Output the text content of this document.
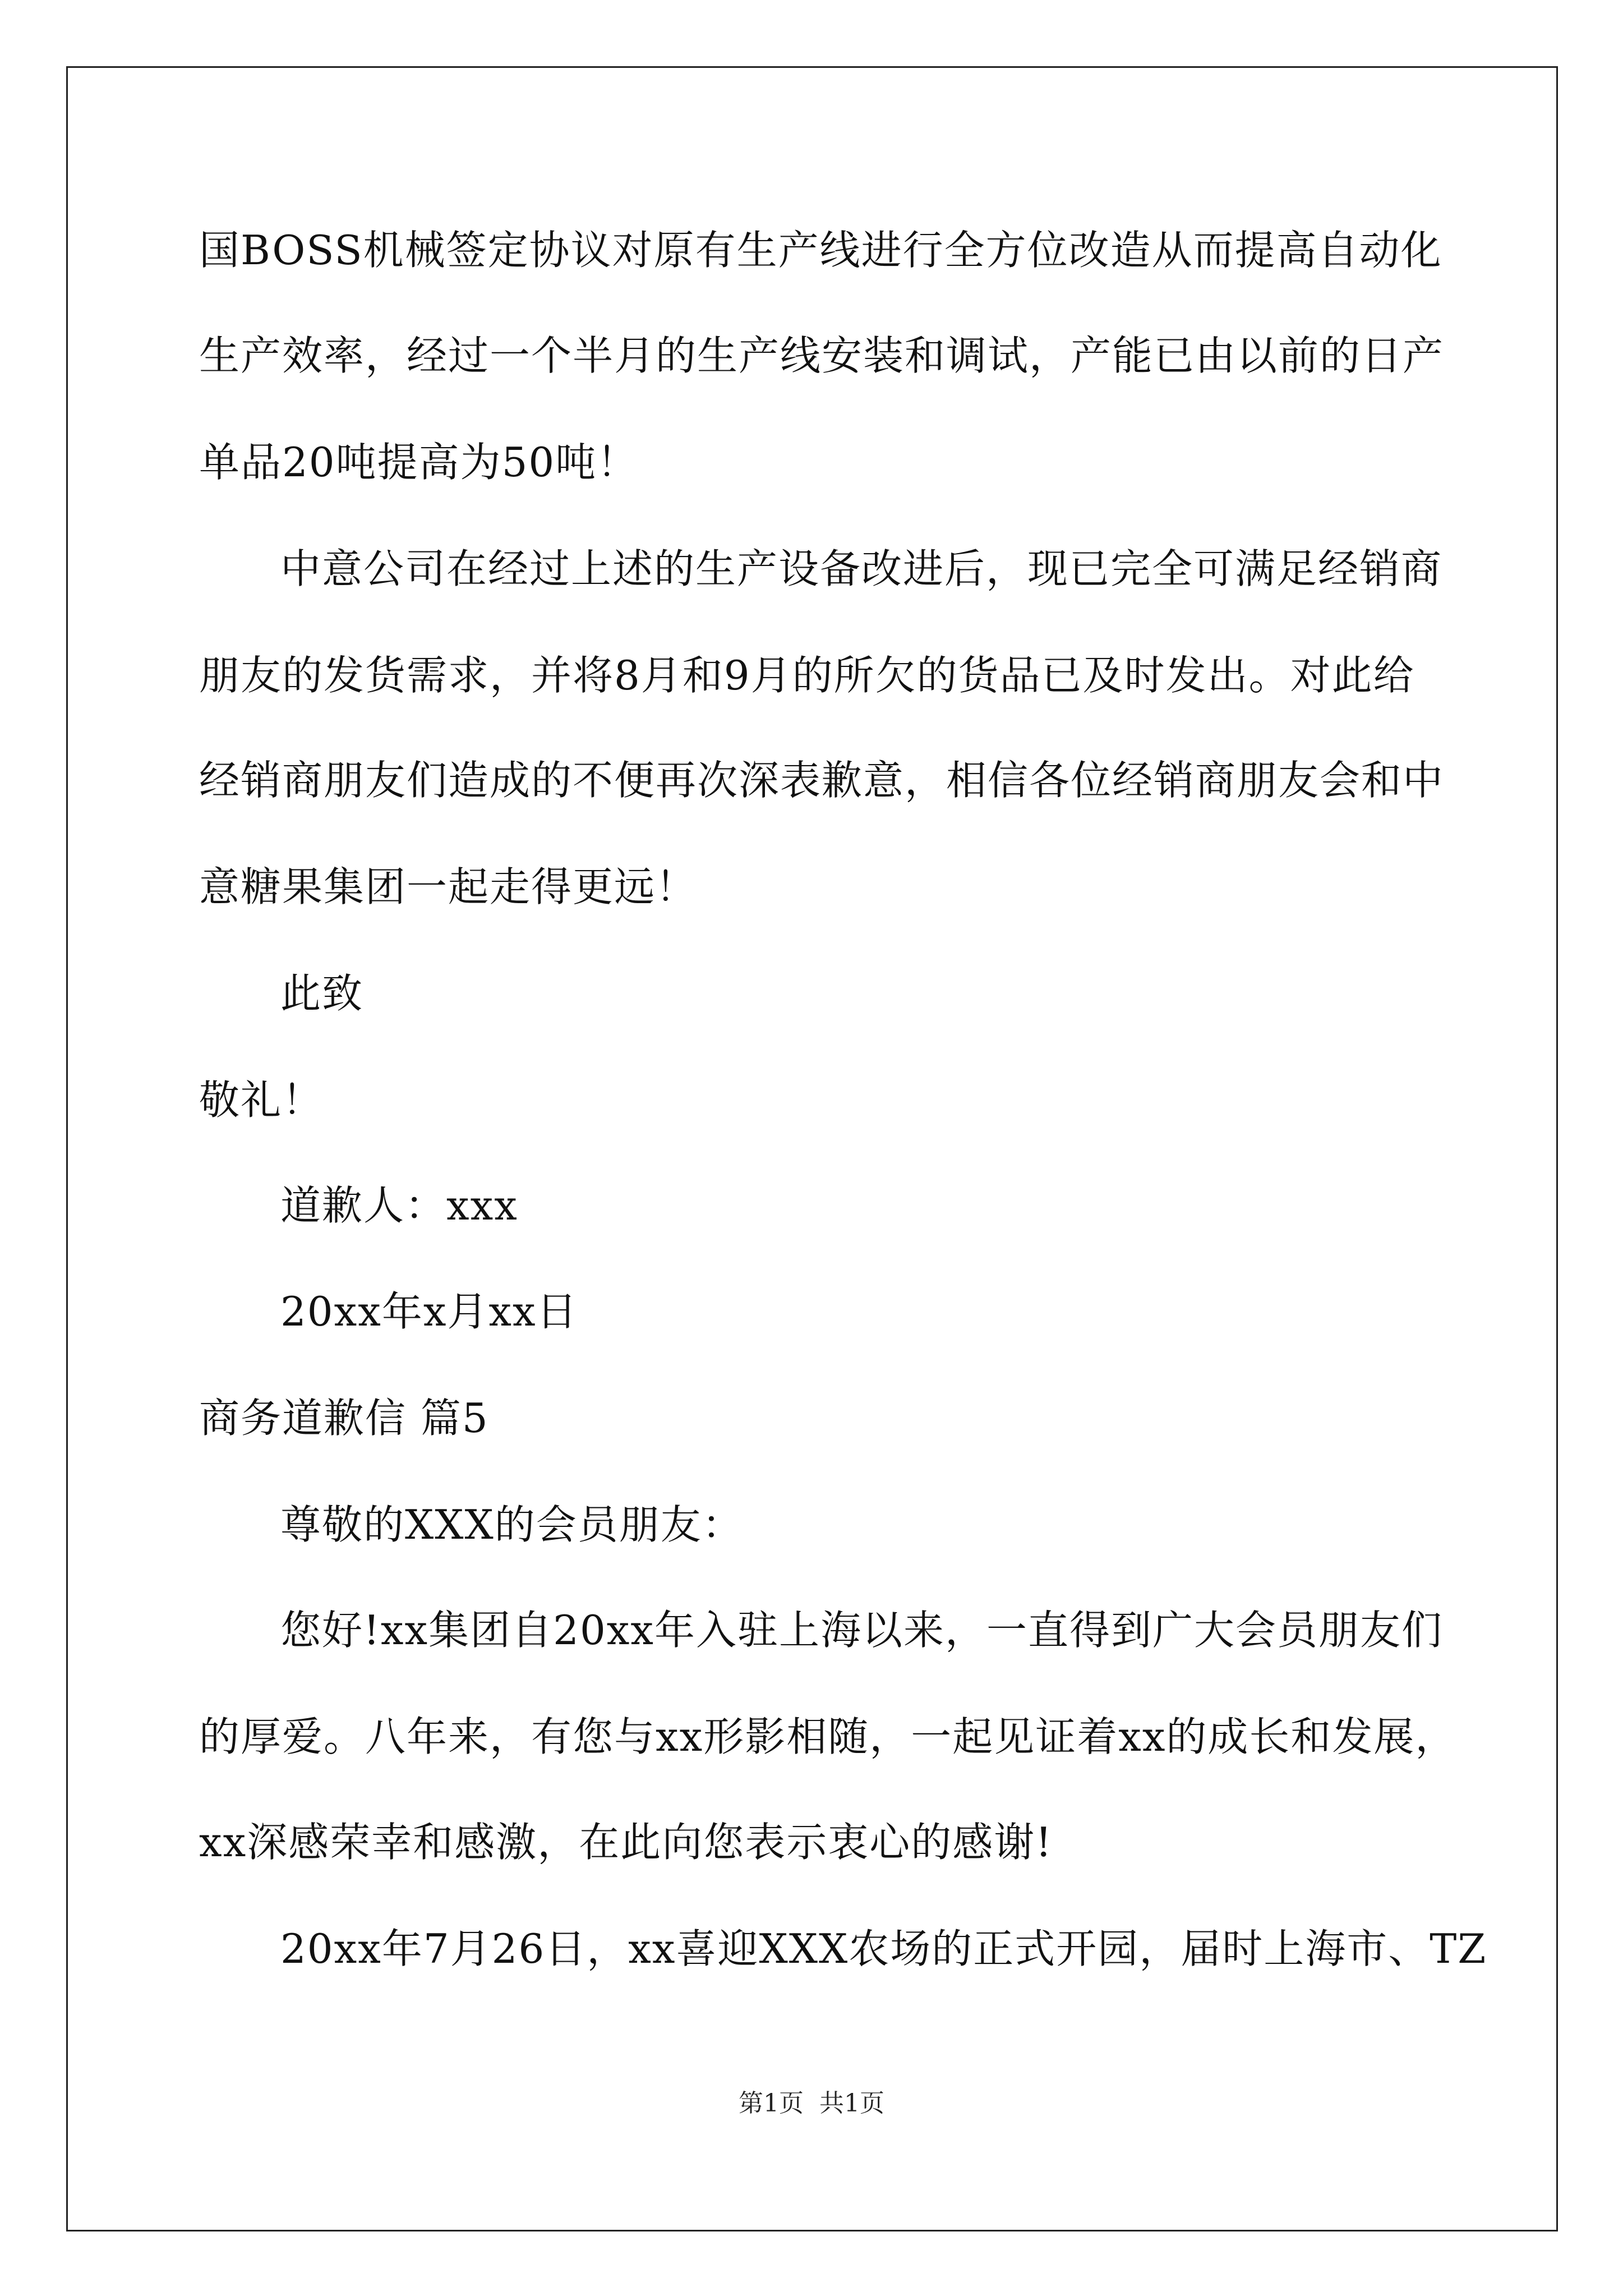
国BOSS机械签定协议对原有生产线进行全方位改造从而提高自动化
生产效率，经过一个半月的生产线安装和调试，产能已由以前的日产
单品20吨提高为50吨！
中意公司在经过上述的生产设备改进后，现已完全可满足经销商
朋友的发货需求，并将8月和9月的所欠的货品已及时发出。对此给
经销商朋友们造成的不便再次深表歉意，相信各位经销商朋友会和中
意糖果集团一起走得更远！
此致
敬礼！
道歉人：xxx
20xx年x月xx日
商务道歉信 篇5
尊敬的XXX的会员朋友：
您好!xx集团自20xx年入驻上海以来，一直得到广大会员朋友们
的厚爱。八年来，有您与xx形影相随，一起见证着xx的成长和发展，
xx深感荣幸和感激，在此向您表示衷心的感谢!
20xx年7月26日，xx喜迎XXX农场的正式开园，届时上海市、TZ
第1页  共1页
